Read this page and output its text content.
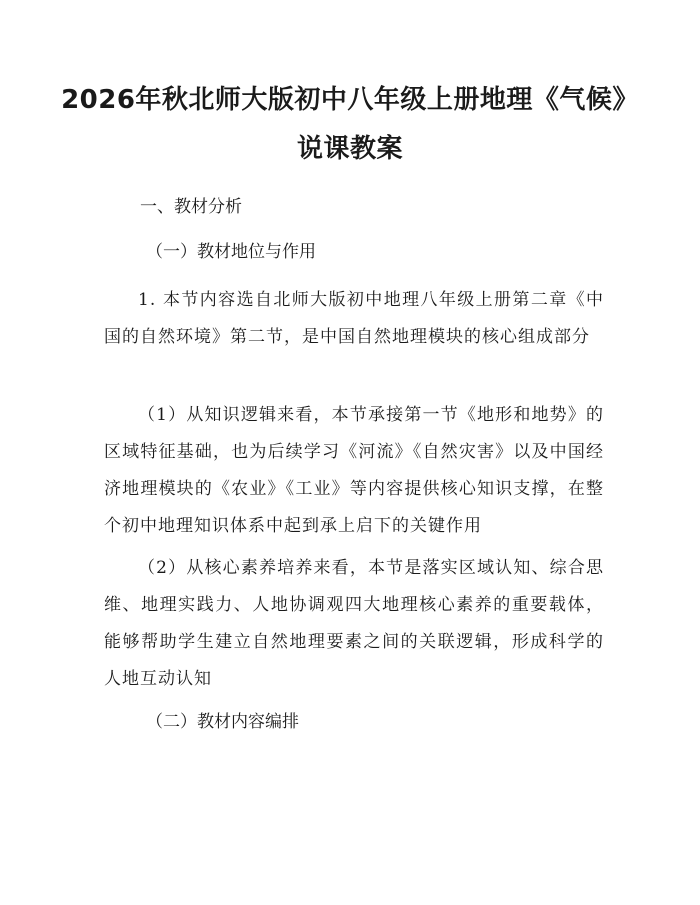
2026年秋北师大版初中八年级上册地理《气候》说课教案

一、教材分析

（一）教材地位与作用

1. 本节内容选自北师大版初中地理八年级上册第二章《中国的自然环境》第二节，是中国自然地理模块的核心组成部分

（1）从知识逻辑来看，本节承接第一节《地形和地势》的区域特征基础，也为后续学习《河流》《自然灾害》以及中国经济地理模块的《农业》《工业》等内容提供核心知识支撑，在整个初中地理知识体系中起到承上启下的关键作用

（2）从核心素养培养来看，本节是落实区域认知、综合思维、地理实践力、人地协调观四大地理核心素养的重要载体，能够帮助学生建立自然地理要素之间的关联逻辑，形成科学的人地互动认知

（二）教材内容编排
